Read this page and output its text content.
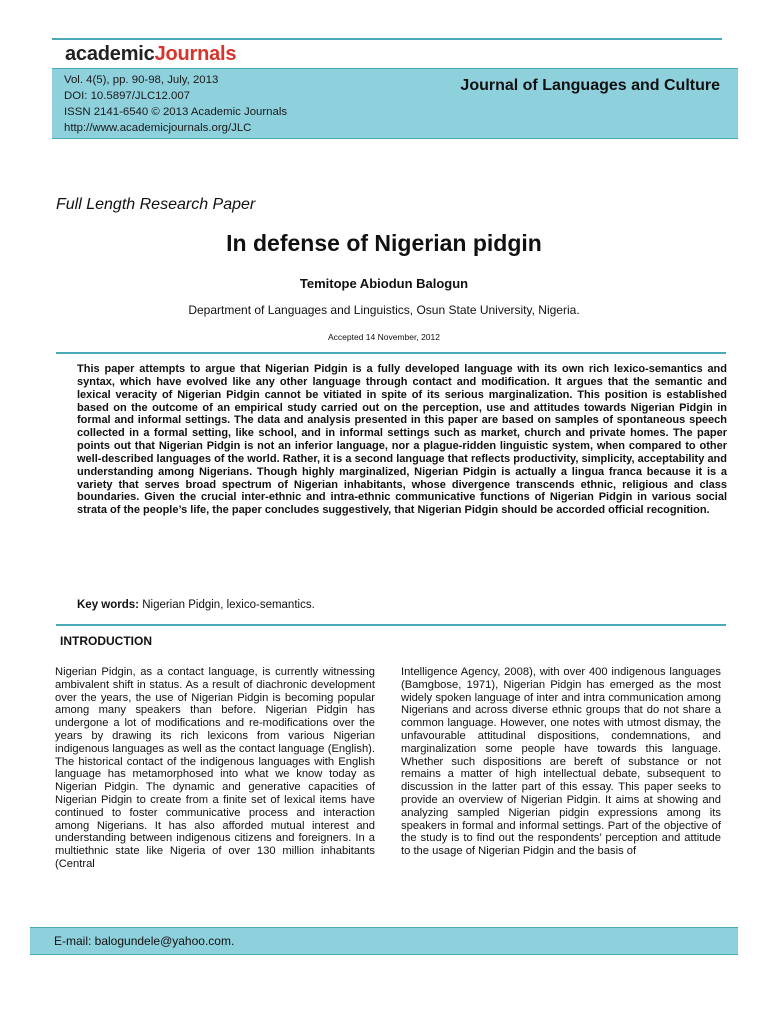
academicJournals
Vol. 4(5), pp. 90-98, July, 2013
DOI: 10.5897/JLC12.007
ISSN 2141-6540 © 2013 Academic Journals
http://www.academicjournals.org/JLC
Journal of Languages and Culture
Full Length Research Paper
In defense of Nigerian pidgin
Temitope Abiodun Balogun
Department of Languages and Linguistics, Osun State University, Nigeria.
Accepted 14 November, 2012
This paper attempts to argue that Nigerian Pidgin is a fully developed language with its own rich lexico-semantics and syntax, which have evolved like any other language through contact and modification. It argues that the semantic and lexical veracity of Nigerian Pidgin cannot be vitiated in spite of its serious marginalization. This position is established based on the outcome of an empirical study carried out on the perception, use and attitudes towards Nigerian Pidgin in formal and informal settings. The data and analysis presented in this paper are based on samples of spontaneous speech collected in a formal setting, like school, and in informal settings such as market, church and private homes. The paper points out that Nigerian Pidgin is not an inferior language, nor a plague-ridden linguistic system, when compared to other well-described languages of the world. Rather, it is a second language that reflects productivity, simplicity, acceptability and understanding among Nigerians. Though highly marginalized, Nigerian Pidgin is actually a lingua franca because it is a variety that serves broad spectrum of Nigerian inhabitants, whose divergence transcends ethnic, religious and class boundaries. Given the crucial inter-ethnic and intra-ethnic communicative functions of Nigerian Pidgin in various social strata of the people’s life, the paper concludes suggestively, that Nigerian Pidgin should be accorded official recognition.
Key words: Nigerian Pidgin, lexico-semantics.
INTRODUCTION
Nigerian Pidgin, as a contact language, is currently witnessing ambivalent shift in status. As a result of diachronic development over the years, the use of Nigerian Pidgin is becoming popular among many speakers than before. Nigerian Pidgin has undergone a lot of modifications and re-modifications over the years by drawing its rich lexicons from various Nigerian indigenous languages as well as the contact language (English). The historical contact of the indigenous languages with English language has metamorphosed into what we know today as Nigerian Pidgin. The dynamic and generative capacities of Nigerian Pidgin to create from a finite set of lexical items have continued to foster communicative process and interaction among Nigerians. It has also afforded mutual interest and understanding between indigenous citizens and foreigners. In a multiethnic state like Nigeria of over 130 million inhabitants (Central
Intelligence Agency, 2008), with over 400 indigenous languages (Bamgbose, 1971), Nigerian Pidgin has emerged as the most widely spoken language of inter and intra communication among Nigerians and across diverse ethnic groups that do not share a common language. However, one notes with utmost dismay, the unfavourable attitudinal dispositions, condemnations, and marginalization some people have towards this language. Whether such dispositions are bereft of substance or not remains a matter of high intellectual debate, subsequent to discussion in the latter part of this essay. This paper seeks to provide an overview of Nigerian Pidgin. It aims at showing and analyzing sampled Nigerian pidgin expressions among its speakers in formal and informal settings. Part of the objective of the study is to find out the respondents’ perception and attitude to the usage of Nigerian Pidgin and the basis of
E-mail: balogundele@yahoo.com.
